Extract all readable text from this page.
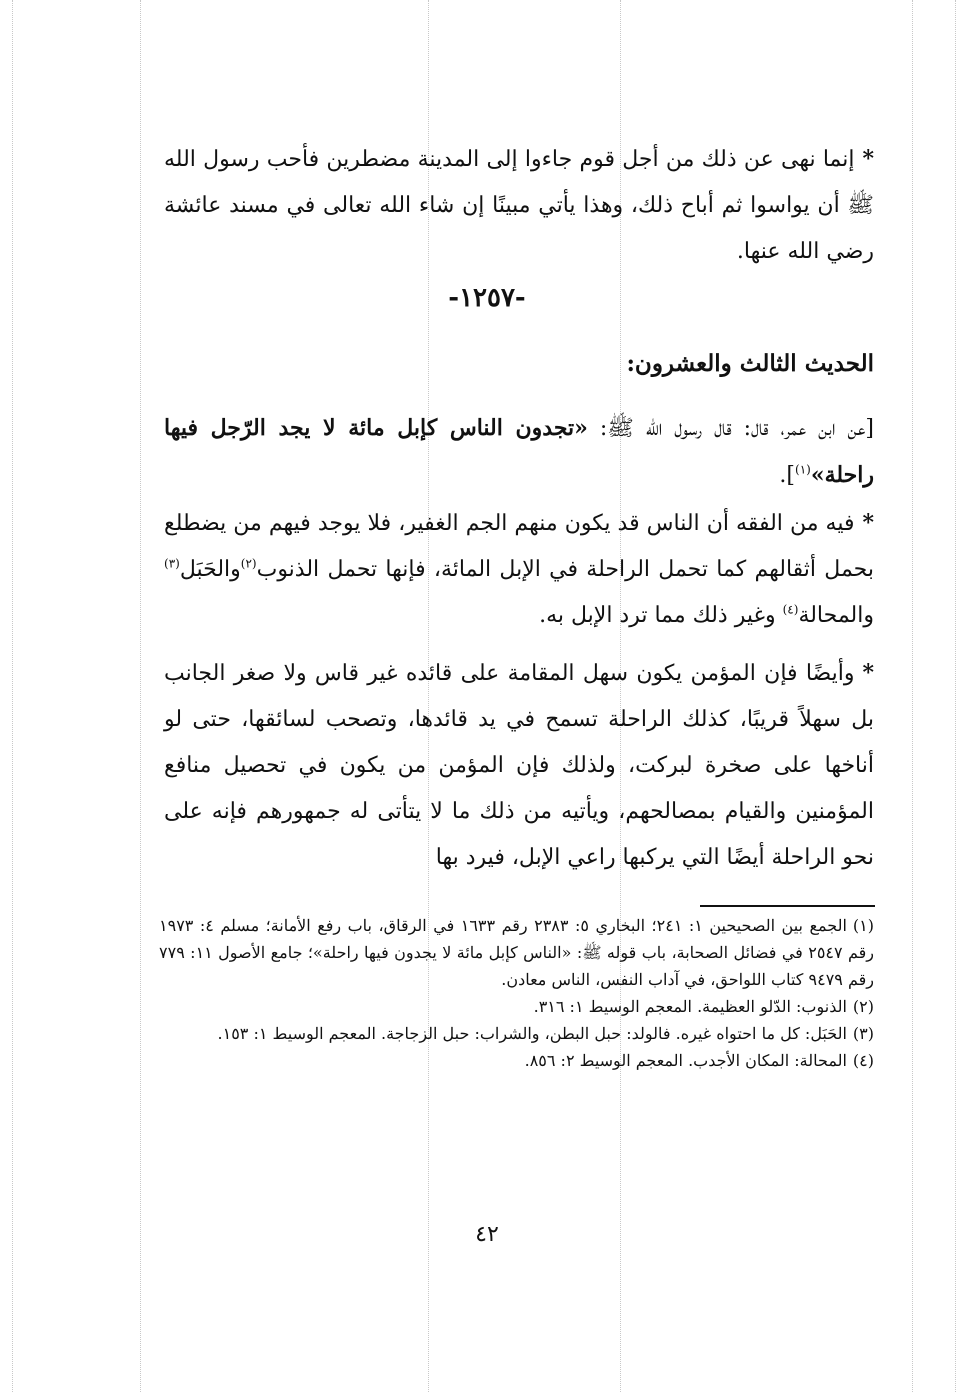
*إنما نهى عن ذلك من أجل قوم جاءوا إلى المدينة مضطرين فأحب رسول الله ﷺ أن يواسوا ثم أباح ذلك، وهذا يأتي مبينًا إن شاء الله تعالى في مسند عائشة رضي الله عنها.
-١٢٥٧-
الحديث الثالث والعشرون:
[عن ابن عمر، قال: قال رسول الله ﷺ: «تجدون الناس كإبل مائة لا يجد الرّجل فيها راحلة»$^{(١)}$].
*فيه من الفقه أن الناس قد يكون منهم الجم الغفير، فلا يوجد فيهم من يضطلع بحمل أثقالهم كما تحمل الراحلة في الإبل المائة، فإنها تحمل الذنوب$^{(٢)}$والحَبَل$^{(٣)}$ والمحالة$^{(٤)}$ وغير ذلك مما ترد الإبل به.
*وأيضًا فإن المؤمن يكون سهل المقامة على قائده غير قاس ولا صغر الجانب بل سهلاً قريبًا، كذلك الراحلة تسمح في يد قائدها، وتصحب لسائقها، حتى لو أناخها على صخرة لبركت، ولذلك فإن المؤمن من يكون في تحصيل منافع المؤمنين والقيام بمصالحهم، ويأتيه من ذلك ما لا يتأتى له جمهورهم فإنه على نحو الراحلة أيضًا التي يركبها راعي الإبل، فيرد بها

(١)الجمع بين الصحيحين ١: ٢٤١؛ البخاري ٥: ٢٣٨٣ رقم ١٦٣٣ في الرقاق، باب رفع الأمانة؛ مسلم ٤: ١٩٧٣ رقم ٢٥٤٧ في فضائل الصحابة، باب قوله ﷺ: «الناس كإبل مائة لا يجدون فيها راحلة»؛ جامع الأصول ١١: ٧٧٩ رقم ٩٤٧٩ كتاب اللواحق، في آداب النفس، الناس معادن.

(٢)الذنوب: الدّلو العظيمة. المعجم الوسيط ١: ٣١٦.

(٣)الحَبَل: كل ما احتواه غيره. فالولد: حبل البطن، والشراب: حبل الزجاجة. المعجم الوسيط ١: ١٥٣.

(٤)المحالة: المكان الأجدب. المعجم الوسيط ٢: ٨٥٦.

٤٢
